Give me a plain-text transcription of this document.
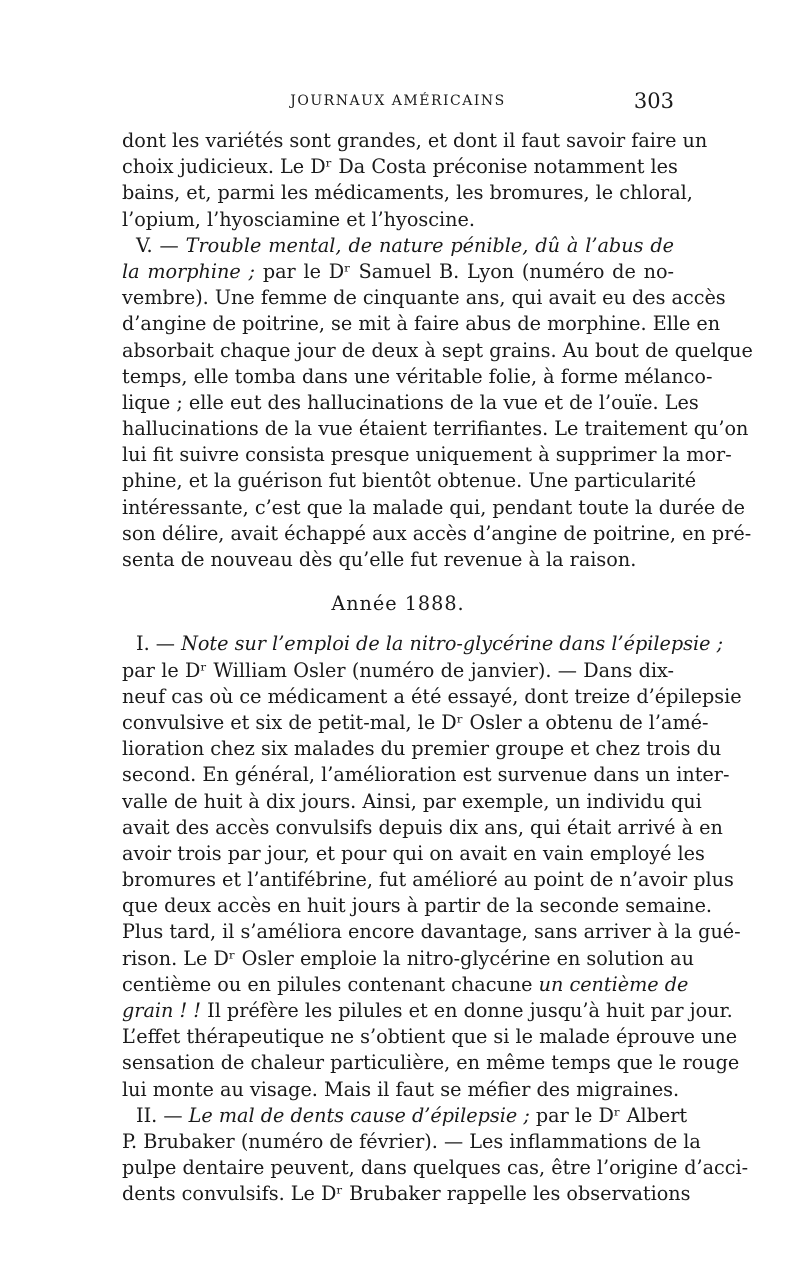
JOURNAUX AMÉRICAINS	303
dont les variétés sont grandes, et dont il faut savoir faire un
choix judicieux. Le Dʳ Da Costa préconise notamment les
bains, et, parmi les médicaments, les bromures, le chloral,
l’opium, l’hyosciamine et l’hyoscine.
V. — Trouble mental, de nature pénible, dû à l’abus de
la morphine ; par le Dʳ Samuel B. Lyon (numéro de no-
vembre). Une femme de cinquante ans, qui avait eu des accès
d’angine de poitrine, se mit à faire abus de morphine. Elle en
absorbait chaque jour de deux à sept grains. Au bout de quelque
temps, elle tomba dans une véritable folie, à forme mélanco-
lique ; elle eut des hallucinations de la vue et de l’ouïe. Les
hallucinations de la vue étaient terrifiantes. Le traitement qu’on
lui fit suivre consista presque uniquement à supprimer la mor-
phine, et la guérison fut bientôt obtenue. Une particularité
intéressante, c’est que la malade qui, pendant toute la durée de
son délire, avait échappé aux accès d’angine de poitrine, en pré-
senta de nouveau dès qu’elle fut revenue à la raison.
Année 1888.
I. — Note sur l’emploi de la nitro-glycérine dans l’épilepsie ;
par le Dʳ William Osler (numéro de janvier). — Dans dix-
neuf cas où ce médicament a été essayé, dont treize d’épilepsie
convulsive et six de petit-mal, le Dʳ Osler a obtenu de l’amé-
lioration chez six malades du premier groupe et chez trois du
second. En général, l’amélioration est survenue dans un inter-
valle de huit à dix jours. Ainsi, par exemple, un individu qui
avait des accès convulsifs depuis dix ans, qui était arrivé à en
avoir trois par jour, et pour qui on avait en vain employé les
bromures et l’antifébrine, fut amélioré au point de n’avoir plus
que deux accès en huit jours à partir de la seconde semaine.
Plus tard, il s’améliora encore davantage, sans arriver à la gué-
rison. Le Dʳ Osler emploie la nitro-glycérine en solution au
centième ou en pilules contenant chacune un centième de
grain ! ! Il préfère les pilules et en donne jusqu’à huit par jour.
L’effet thérapeutique ne s’obtient que si le malade éprouve une
sensation de chaleur particulière, en même temps que le rouge
lui monte au visage. Mais il faut se méfier des migraines.
II. — Le mal de dents cause d’épilepsie ; par le Dʳ Albert
P. Brubaker (numéro de février). — Les inflammations de la
pulpe dentaire peuvent, dans quelques cas, être l’origine d’acci-
dents convulsifs. Le Dʳ Brubaker rappelle les observations
